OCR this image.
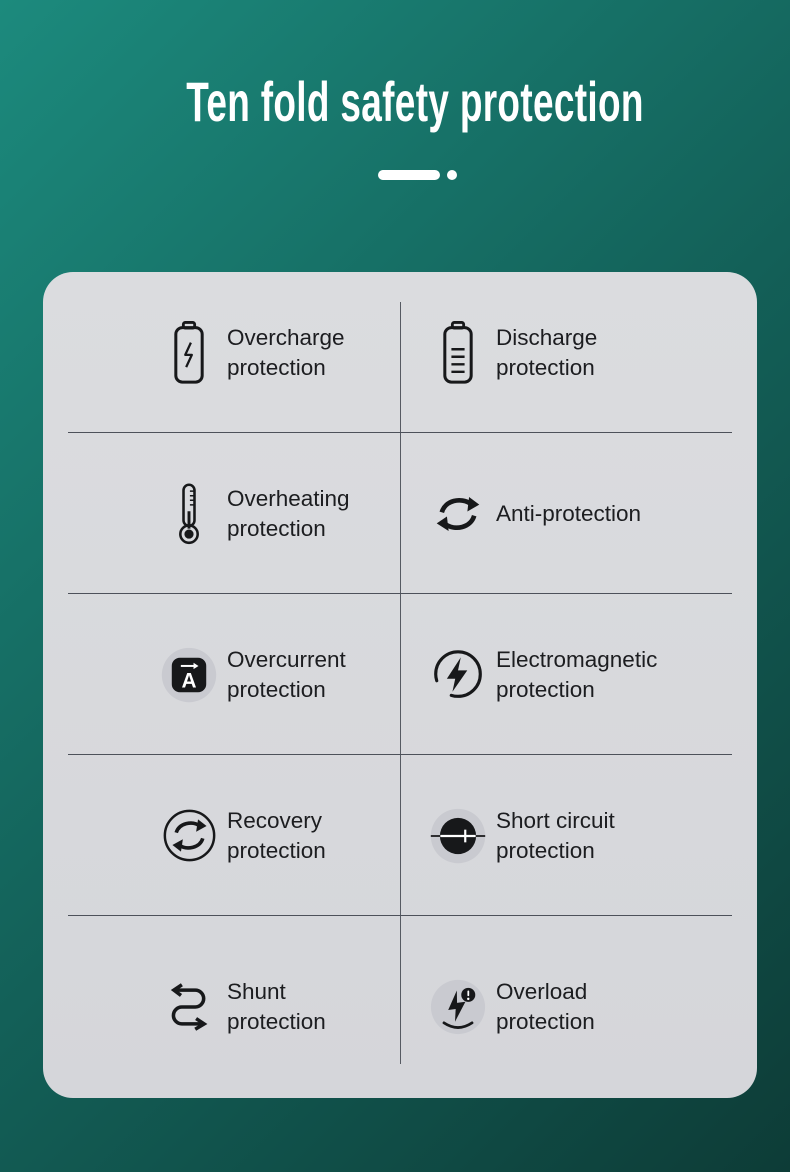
Ten fold safety protection
Overcharge protection
Discharge protection
Overheating protection
Anti-protection
A
Overcurrent protection
Electromagnetic protection
Recovery protection
Short circuit protection
Shunt protection
Overload protection
